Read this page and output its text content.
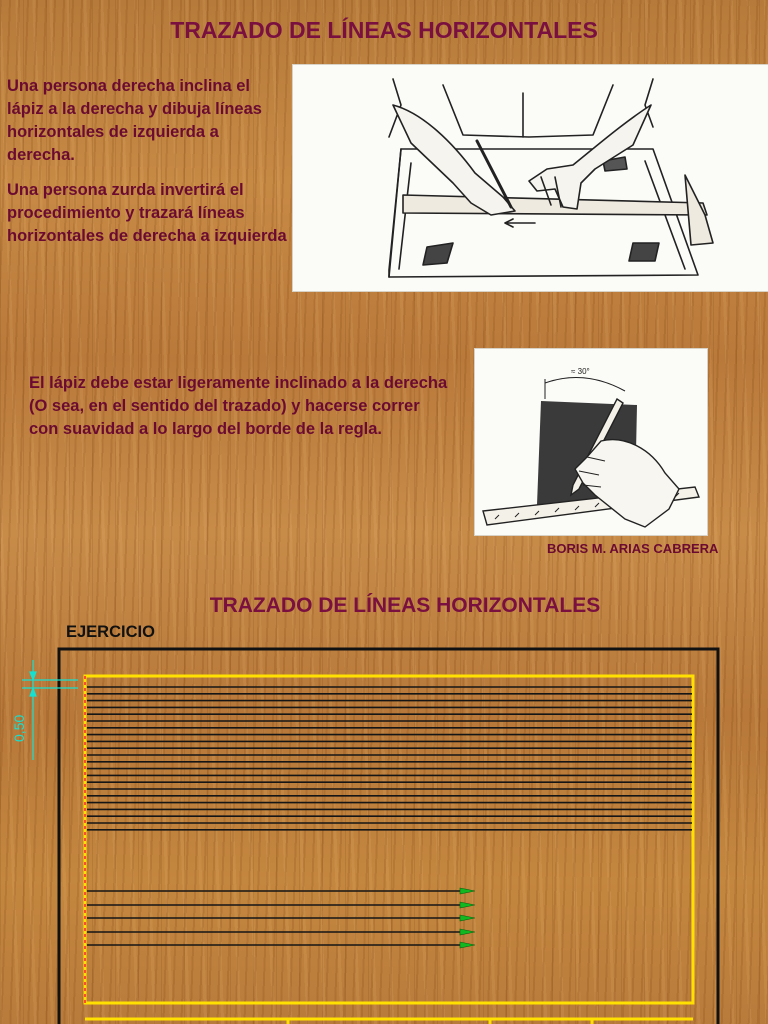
TRAZADO DE LÍNEAS HORIZONTALES

Una persona derecha inclina el lápiz a la derecha y dibuja líneas horizontales de izquierda a derecha.

Una persona zurda invertirá el procedimiento y trazará líneas horizontales de derecha a izquierda

El lápiz debe estar ligeramente inclinado a la derecha (O sea, en el sentido del trazado) y hacerse correr con suavidad a lo largo del borde de la regla.

≈ 30°
BORIS M. ARIAS CABRERA
TRAZADO DE LÍNEAS HORIZONTALES
EJERCICIO
0,50
